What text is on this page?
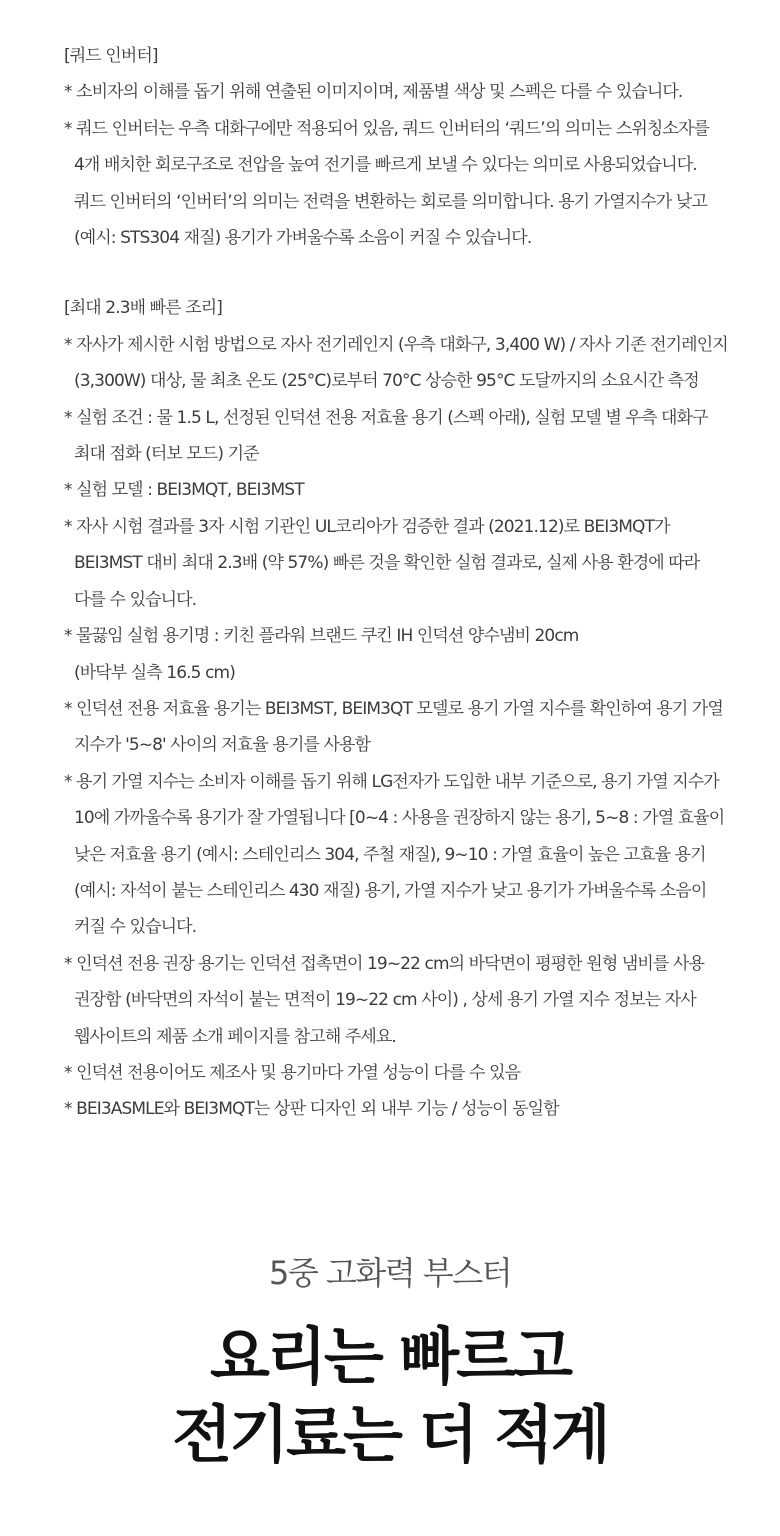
[쿼드 인버터]

* 소비자의 이해를 돕기 위해 연출된 이미지이며, 제품별 색상 및 스펙은 다를 수 있습니다.

* 쿼드 인버터는 우측 대화구에만 적용되어 있음, 쿼드 인버터의 ‘쿼드’의 의미는 스위칭소자를

4개 배치한 회로구조로 전압을 높여 전기를 빠르게 보낼 수 있다는 의미로 사용되었습니다.

쿼드 인버터의 ‘인버터’의 의미는 전력을 변환하는 회로를 의미합니다. 용기 가열지수가 낮고

(예시: STS304 재질) 용기가 가벼울수록 소음이 커질 수 있습니다.

[최대 2.3배 빠른 조리]

* 자사가 제시한 시험 방법으로 자사 전기레인지 (우측 대화구, 3,400 W) / 자사 기존 전기레인지

(3,300W) 대상, 물 최초 온도 (25°C)로부터 70°C 상승한 95°C 도달까지의 소요시간 측정

* 실험 조건 : 물 1.5 L, 선정된 인덕션 전용 저효율 용기 (스펙 아래), 실험 모델 별 우측 대화구

최대 점화 (터보 모드) 기준

* 실험 모델 : BEI3MQT, BEI3MST

* 자사 시험 결과를 3자 시험 기관인 UL코리아가 검증한 결과 (2021.12)로 BEI3MQT가

BEI3MST 대비 최대 2.3배 (약 57%) 빠른 것을 확인한 실험 결과로, 실제 사용 환경에 따라

다를 수 있습니다.

* 물끓임 실험 용기명 : 키친 플라워 브랜드 쿠킨 IH 인덕션 양수냄비 20cm

(바닥부 실측 16.5 cm)

* 인덕션 전용 저효율 용기는 BEI3MST, BEIM3QT 모델로 용기 가열 지수를 확인하여 용기 가열

지수가 '5~8' 사이의 저효율 용기를 사용함

* 용기 가열 지수는 소비자 이해를 돕기 위해 LG전자가 도입한 내부 기준으로, 용기 가열 지수가

10에 가까울수록 용기가 잘 가열됩니다 [0~4 : 사용을 권장하지 않는 용기, 5~8 : 가열 효율이

낮은 저효율 용기 (예시: 스테인리스 304, 주철 재질), 9~10 : 가열 효율이 높은 고효율 용기

(예시: 자석이 붙는 스테인리스 430 재질) 용기, 가열 지수가 낮고 용기가 가벼울수록 소음이

커질 수 있습니다.

* 인덕션 전용 권장 용기는 인덕션 접촉면이 19~22 cm의 바닥면이 평평한 원형 냄비를 사용

권장함 (바닥면의 자석이 붙는 면적이 19~22 cm 사이) , 상세 용기 가열 지수 정보는 자사

웹사이트의 제품 소개 페이지를 참고해 주세요.

* 인덕션 전용이어도 제조사 및 용기마다 가열 성능이 다를 수 있음

* BEI3ASMLE와 BEI3MQT는 상판 디자인 외 내부 기능 / 성능이 동일함

5중 고화력 부스터

요리는 빠르고
전기료는 더 적게
